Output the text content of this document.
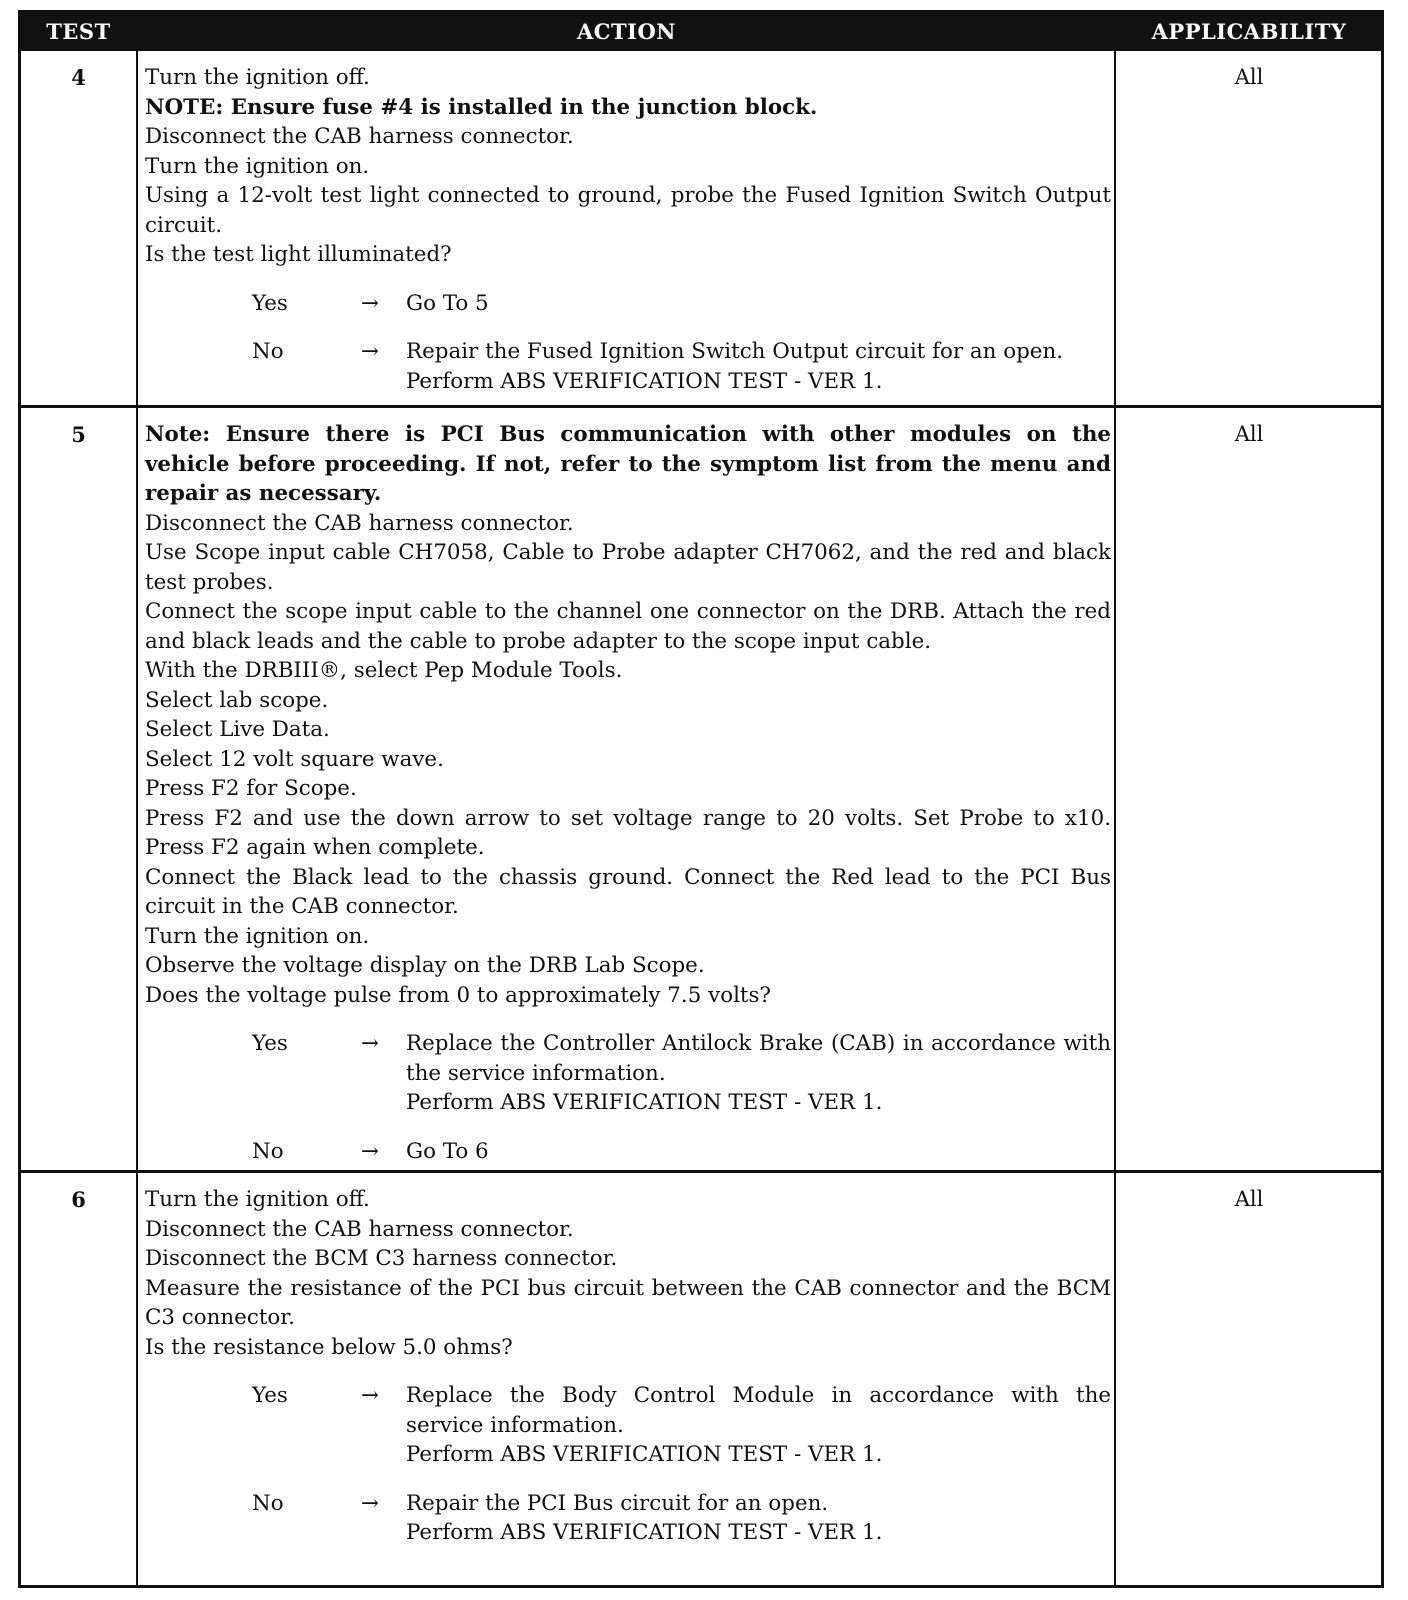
TEST	ACTION	APPLICABILITY
4	Turn the ignition off.

NOTE: Ensure fuse #4 is installed in the junction block.

Disconnect the CAB harness connector.

Turn the ignition on.

Using a 12-volt test light connected to ground, probe the Fused Ignition Switch Output circuit.

Is the test light illuminated?

Yes	→	Go To 5
No	→	Repair the Fused Ignition Switch Output circuit for an open.
Perform ABS VERIFICATION TEST - VER 1.
All
5	Note: Ensure there is PCI Bus communication with other modules on the vehicle before proceeding. If not, refer to the symptom list from the menu and repair as necessary.

Disconnect the CAB harness connector.

Use Scope input cable CH7058, Cable to Probe adapter CH7062, and the red and black test probes.

Connect the scope input cable to the channel one connector on the DRB. Attach the red and black leads and the cable to probe adapter to the scope input cable.

With the DRBIII®, select Pep Module Tools.

Select lab scope.

Select Live Data.

Select 12 volt square wave.

Press F2 for Scope.

Press F2 and use the down arrow to set voltage range to 20 volts. Set Probe to x10. Press F2 again when complete.

Connect the Black lead to the chassis ground. Connect the Red lead to the PCI Bus circuit in the CAB connector.

Turn the ignition on.

Observe the voltage display on the DRB Lab Scope.

Does the voltage pulse from 0 to approximately 7.5 volts?

Yes	→	Replace the Controller Antilock Brake (CAB) in accordance with the service information.
Perform ABS VERIFICATION TEST - VER 1.
No	→	Go To 6
All
6	Turn the ignition off.

Disconnect the CAB harness connector.

Disconnect the BCM C3 harness connector.

Measure the resistance of the PCI bus circuit between the CAB connector and the BCM C3 connector.

Is the resistance below 5.0 ohms?

Yes	→	Replace the Body Control Module in accordance with the service information.
Perform ABS VERIFICATION TEST - VER 1.
No	→	Repair the PCI Bus circuit for an open.
Perform ABS VERIFICATION TEST - VER 1.
All
